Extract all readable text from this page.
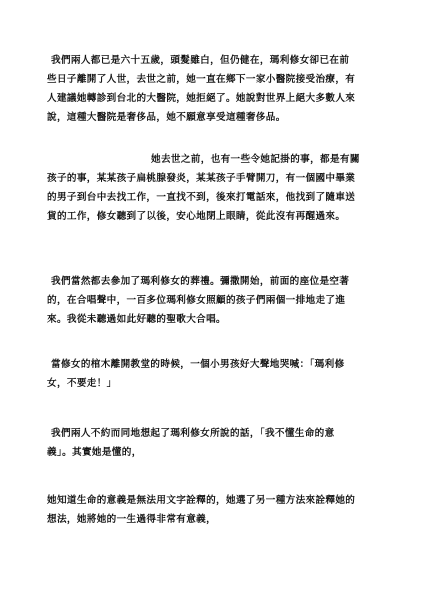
我們兩人都已是六十五歲，頭髮雖白，但仍健在，瑪利修女卻已在前
些日子離開了人世，去世之前，她一直在鄉下一家小醫院接受治療，有
人建議她轉診到台北的大醫院，她拒絕了。她說對世界上絕大多數人來
說，這種大醫院是奢侈品，她不願意享受這種奢侈品。

她去世之前，也有一些令她記掛的事，都是有關
孩子的事，某某孩子扁桃腺發炎，某某孩子手臂開刀，有一個國中畢業
的男子到台中去找工作，一直找不到，後來打電話來，他找到了隨車送
貨的工作，修女聽到了以後，安心地閉上眼睛，從此沒有再醒過來。

我們當然都去參加了瑪利修女的葬禮。彌撒開始，前面的座位是空著
的，在合唱聲中，一百多位瑪利修女照顧的孩子們兩個一排地走了進
來。我從未聽過如此好聽的聖歌大合唱。

當修女的棺木離開教堂的時候，一個小男孩好大聲地哭喊：「瑪利修
女，不要走！」

我們兩人不約而同地想起了瑪利修女所說的話，「我不懂生命的意
義」。其實她是懂的，

她知道生命的意義是無法用文字詮釋的，她選了另一種方法來詮釋她的
想法，她將她的一生過得非常有意義，
